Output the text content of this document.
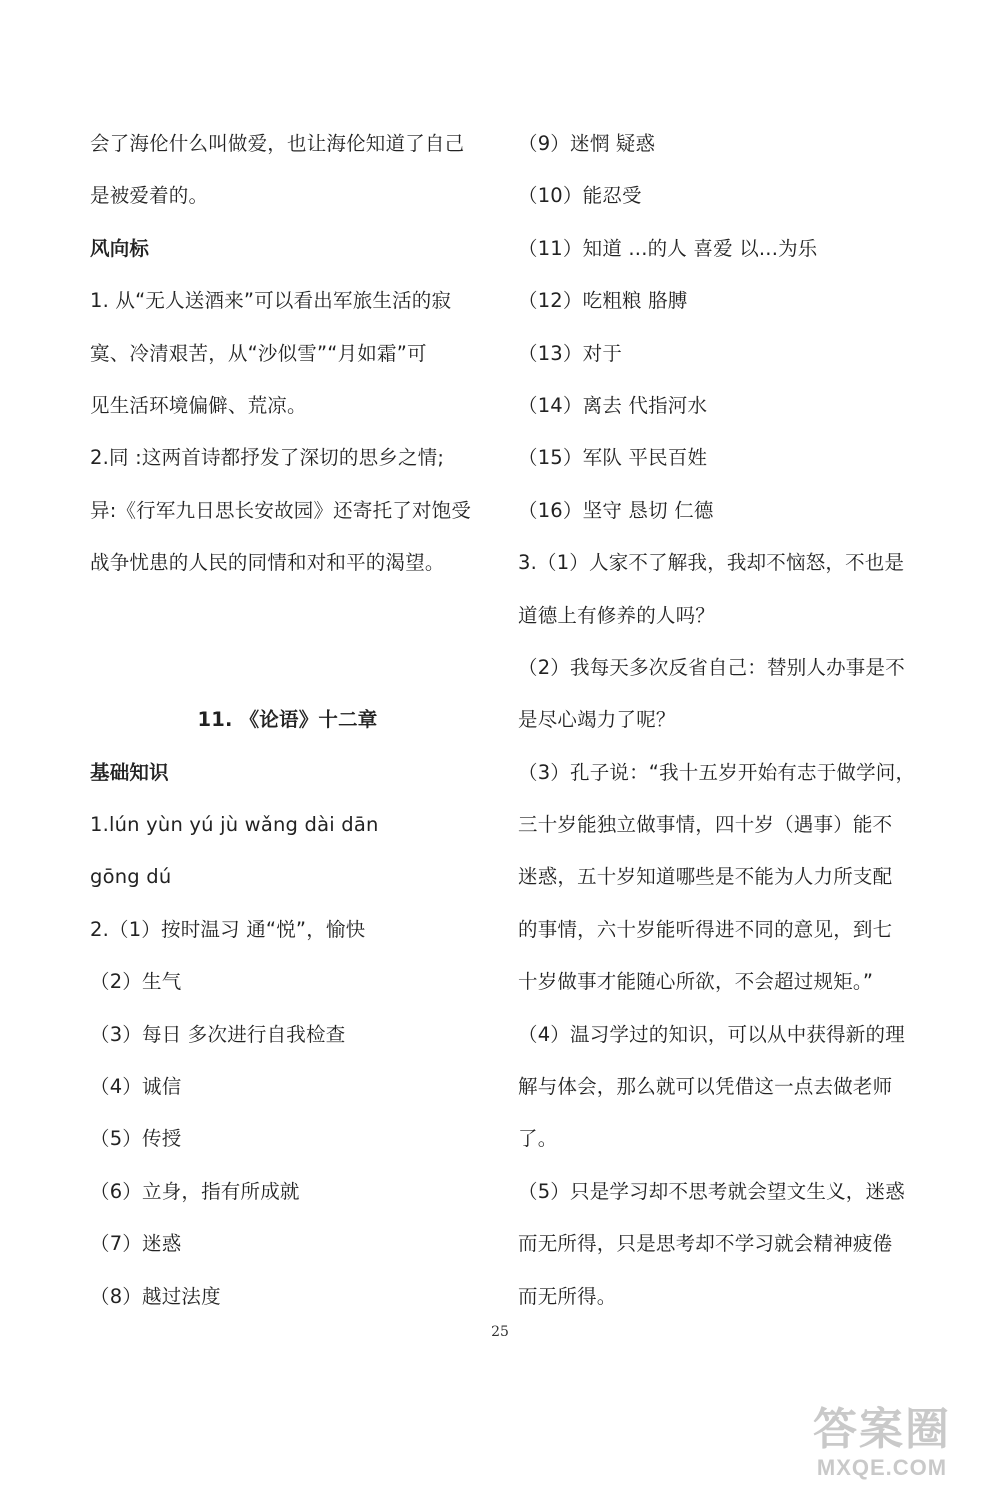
会了海伦什么叫做爱，也让海伦知道了自己
是被爱着的。
风向标
1. 从“无人送酒来”可以看出军旅生活的寂
寞、冷清艰苦，从“沙似雪”“月如霜”可
见生活环境偏僻、荒凉。
2.同 :这两首诗都抒发了深切的思乡之情;
异:《行军九日思长安故园》还寄托了对饱受
战争忧患的人民的同情和对和平的渴望。
11. 《论语》十二章
基础知识
1.lún yùn yú jù wǎng dài dān
gōng dú
2.（1）按时温习 通“悦”，愉快
（2）生气
（3）每日 多次进行自我检查
（4）诚信
（5）传授
（6）立身，指有所成就
（7）迷惑
（8）越过法度
（9）迷惘 疑惑
（10）能忍受
（11）知道 ...的人 喜爱 以...为乐
（12）吃粗粮 胳膊
（13）对于
（14）离去 代指河水
（15）军队 平民百姓
（16）坚守 恳切 仁德
3.（1）人家不了解我，我却不恼怒，不也是
道德上有修养的人吗？
（2）我每天多次反省自己：替别人办事是不
是尽心竭力了呢？
（3）孔子说：“我十五岁开始有志于做学问，
三十岁能独立做事情，四十岁（遇事）能不
迷惑，五十岁知道哪些是不能为人力所支配
的事情，六十岁能听得进不同的意见，到七
十岁做事才能随心所欲，不会超过规矩。”
（4）温习学过的知识，可以从中获得新的理
解与体会，那么就可以凭借这一点去做老师
了。
（5）只是学习却不思考就会望文生义，迷惑
而无所得，只是思考却不学习就会精神疲倦
而无所得。
25
答案圈
MXQE.COM
